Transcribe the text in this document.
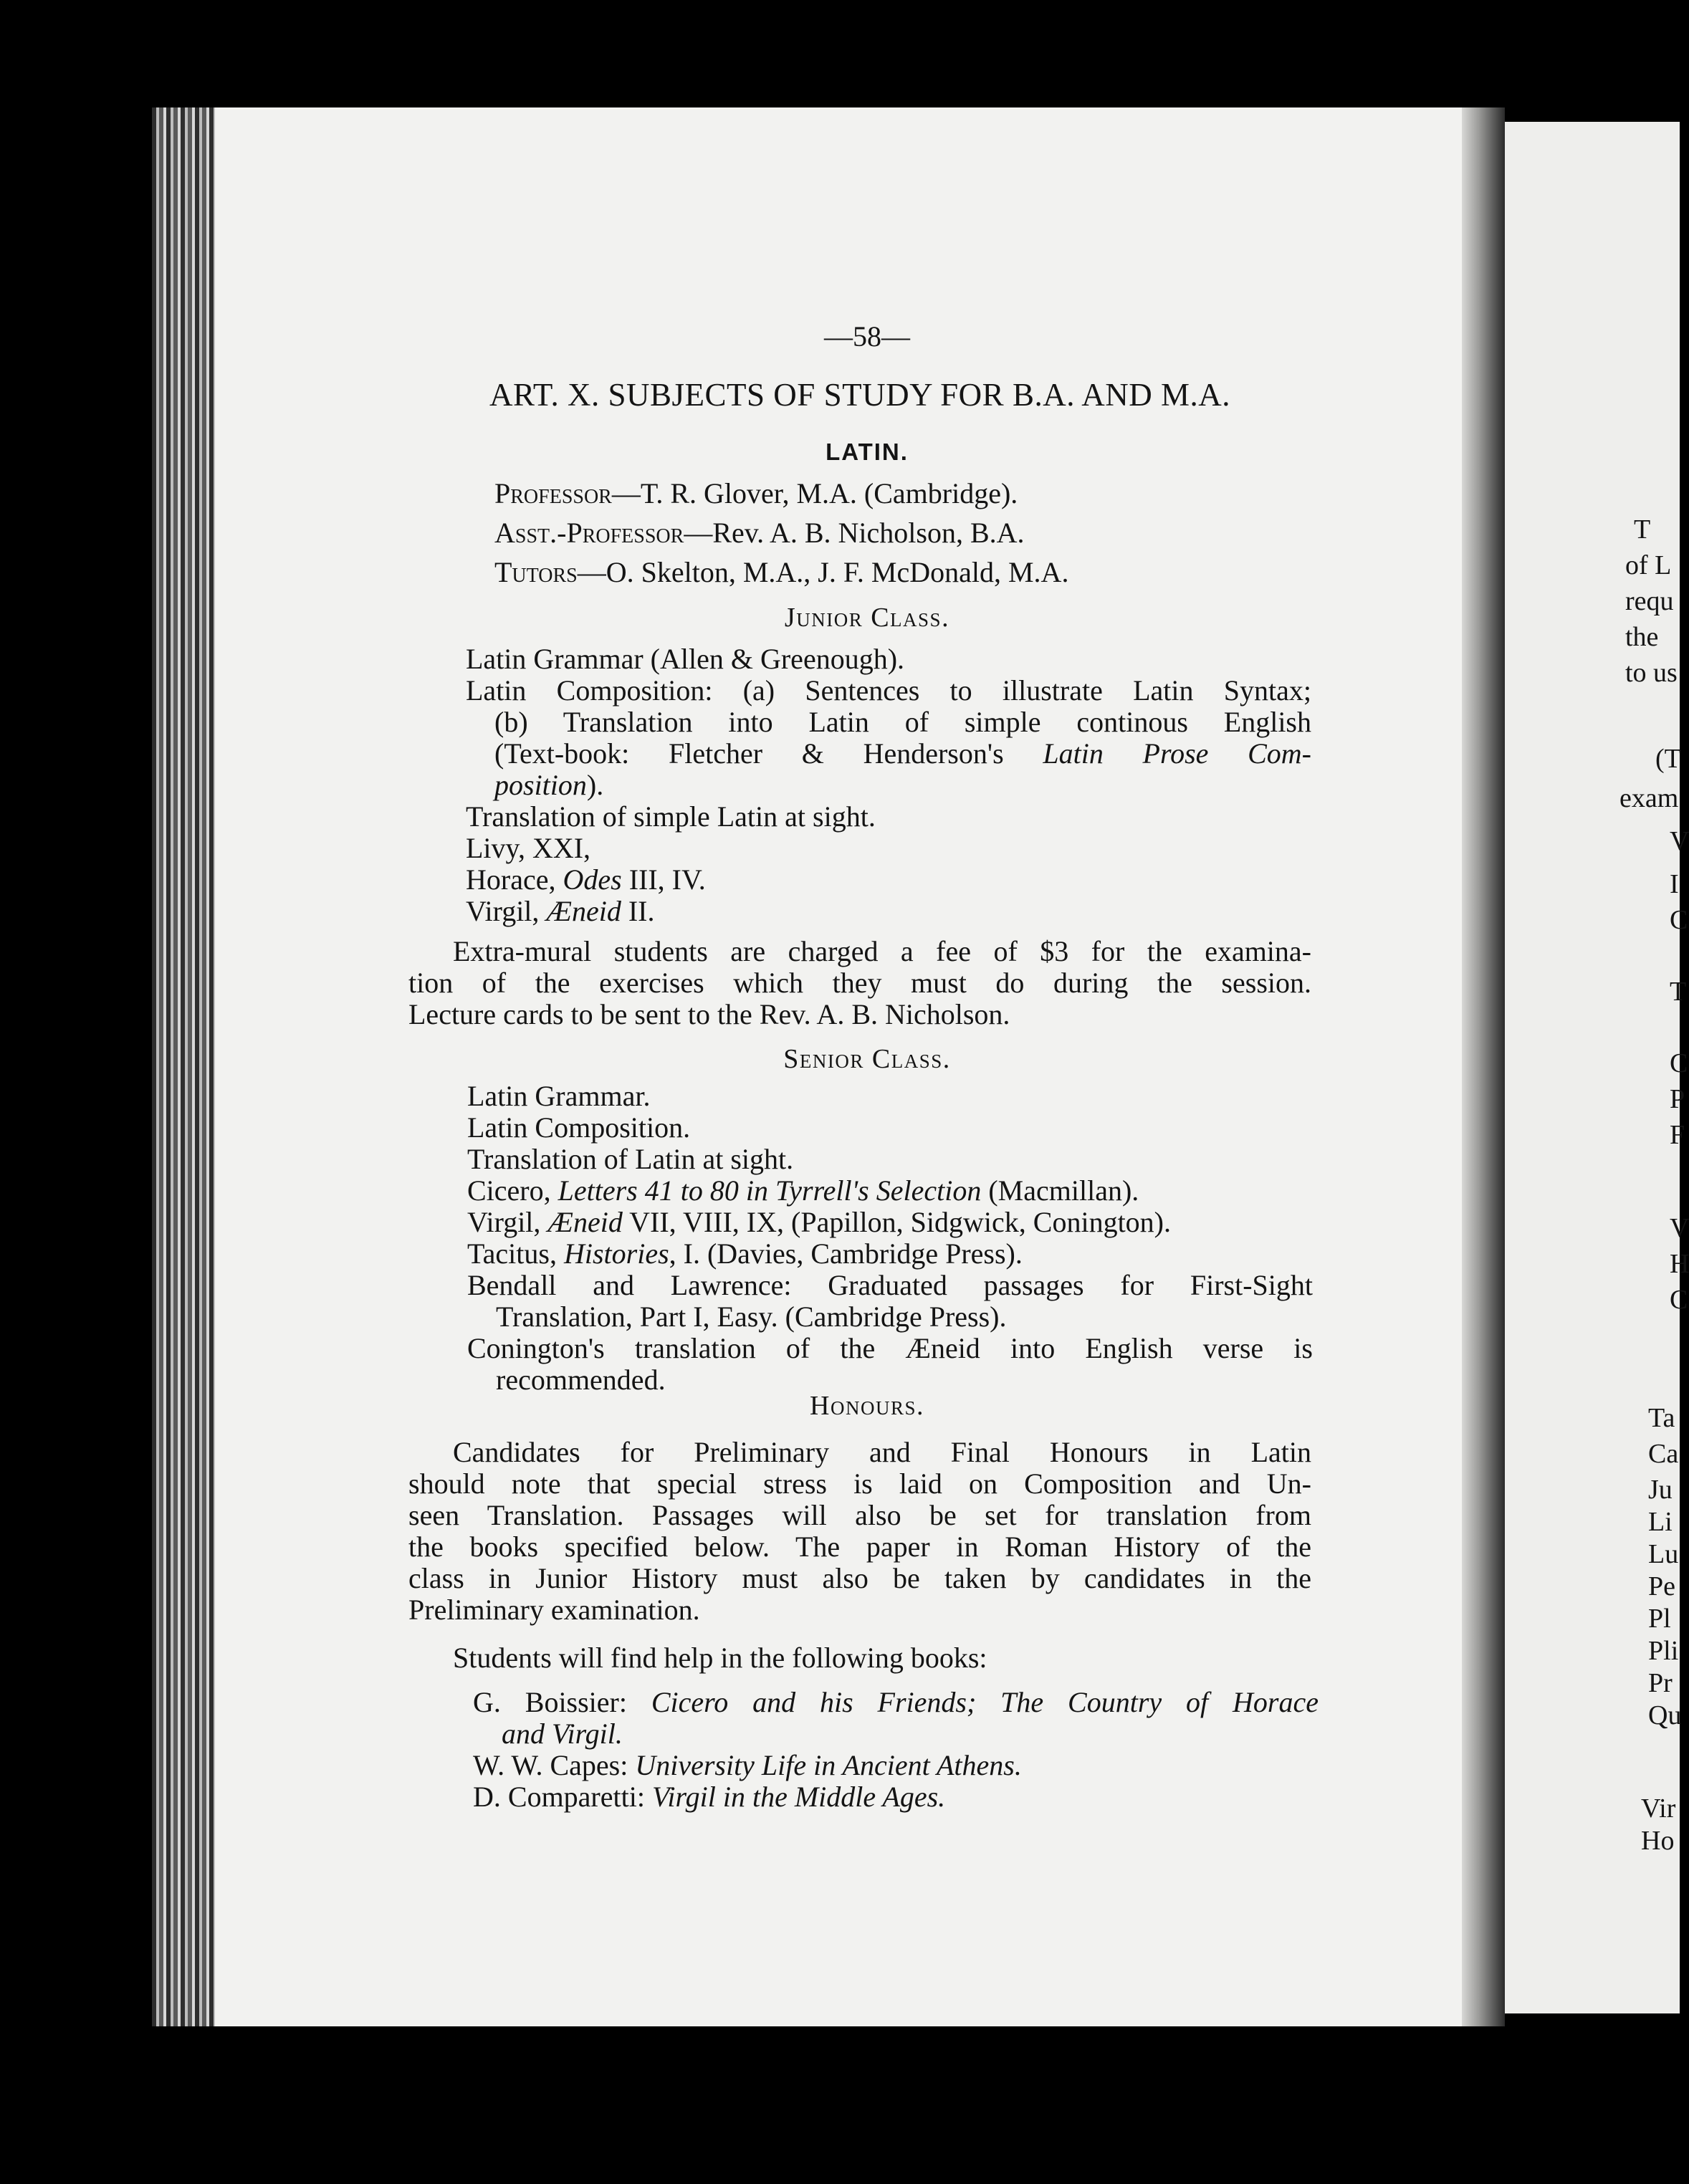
T
of L
requ
the
to us
(T
exam
V
I
C
T
C
P
F
V
H
C
Ta
Ca
Ju
Li
Lu
Pe
Pl
Pli
Pr
Qu
Vir
Ho
—58—
ART. X. SUBJECTS OF STUDY FOR B.A. AND M.A.
LATIN.
Professor—T. R. Glover, M.A. (Cambridge).
Asst.-Professor—Rev. A. B. Nicholson, B.A.
Tutors—O. Skelton, M.A., J. F. McDonald, M.A.
Junior Class.
Latin Grammar (Allen & Greenough).
Latin Composition: (a) Sentences to illustrate Latin Syntax;
(b) Translation into Latin of simple continous English
(Text-book: Fletcher & Henderson's Latin Prose Com-
position).
Translation of simple Latin at sight.
Livy, XXI,
Horace, Odes III, IV.
Virgil, Æneid II.
Extra-mural students are charged a fee of $3 for the examina-
tion of the exercises which they must do during the session.
Lecture cards to be sent to the Rev. A. B. Nicholson.
Senior Class.
Latin Grammar.
Latin Composition.
Translation of Latin at sight.
Cicero, Letters 41 to 80 in Tyrrell's Selection (Macmillan).
Virgil, Æneid VII, VIII, IX, (Papillon, Sidgwick, Conington).
Tacitus, Histories, I. (Davies, Cambridge Press).
Bendall and Lawrence: Graduated passages for First-Sight
Translation, Part I, Easy. (Cambridge Press).
Conington's translation of the Æneid into English verse is
recommended.
Honours.
Candidates for Preliminary and Final Honours in Latin
should note that special stress is laid on Composition and Un-
seen Translation. Passages will also be set for translation from
the books specified below. The paper in Roman History of the
class in Junior History must also be taken by candidates in the
Preliminary examination.
Students will find help in the following books:
G. Boissier: Cicero and his Friends; The Country of Horace
and Virgil.
W. W. Capes: University Life in Ancient Athens.
D. Comparetti: Virgil in the Middle Ages.
